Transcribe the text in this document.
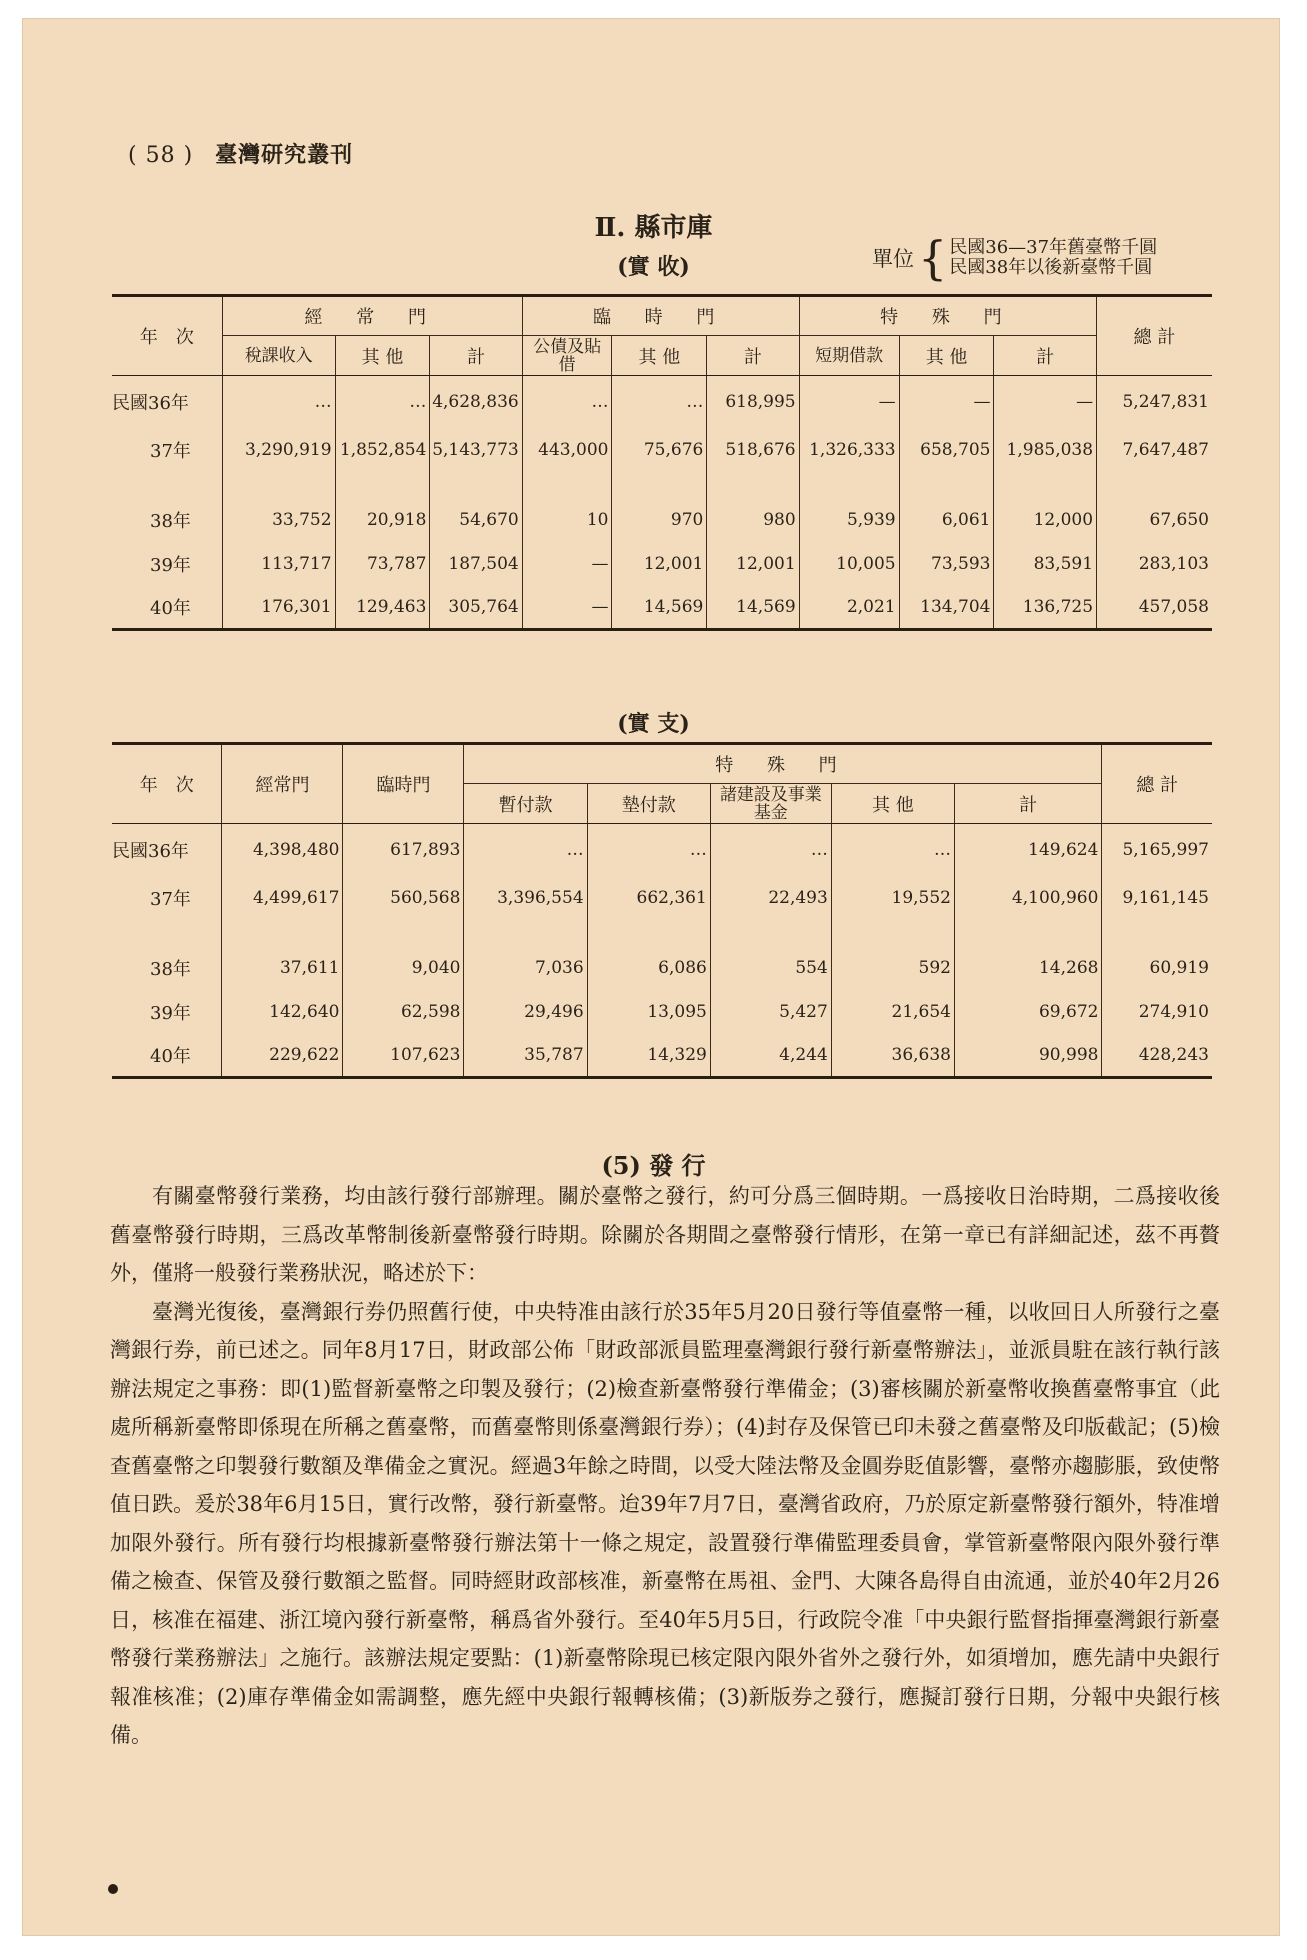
( 58 ) 臺灣研究叢刊
Ⅱ. 縣市庫
(實 收)	單位 { 民國36—37年舊臺幣千圓
民國38年以後新臺幣千圓
年　次	經 常 門			臨 時 門			特 殊 門			總 計
	稅課收入	其 他	計	公債及貼借	其 他	計	短期借款	其 他	計	
民國36年	…	…	4,628,836	…	…	618,995	—	—	—	5,247,831
37年	3,290,919	1,852,854	5,143,773	443,000	75,676	518,676	1,326,333	658,705	1,985,038	7,647,487

38年	33,752	20,918	54,670	10	970	980	5,939	6,061	12,000	67,650
39年	113,717	73,787	187,504	—	12,001	12,001	10,005	73,593	83,591	283,103
40年	176,301	129,463	305,764	—	14,569	14,569	2,021	134,704	136,725	457,058
(實 支)
年　次	經常門	臨時門	特 殊 門					總 計
			暫付款	墊付款	諸建設及事業基金	其 他	計	
民國36年	4,398,480	617,893	…	…	…	…	149,624	5,165,997
37年	4,499,617	560,568	3,396,554	662,361	22,493	19,552	4,100,960	9,161,145

38年	37,611	9,040	7,036	6,086	554	592	14,268	60,919
39年	142,640	62,598	29,496	13,095	5,427	21,654	69,672	274,910
40年	229,622	107,623	35,787	14,329	4,244	36,638	90,998	428,243
(5) 發 行

有關臺幣發行業務，均由該行發行部辦理。關於臺幣之發行，約可分爲三個時期。一爲接收日治時期，二爲接收後舊臺幣發行時期，三爲改革幣制後新臺幣發行時期。除關於各期間之臺幣發行情形，在第一章已有詳細記述，茲不再贅外，僅將一般發行業務狀況，略述於下：

臺灣光復後，臺灣銀行券仍照舊行使，中央特准由該行於35年5月20日發行等值臺幣一種，以收回日人所發行之臺灣銀行券，前已述之。同年8月17日，財政部公佈「財政部派員監理臺灣銀行發行新臺幣辦法」，並派員駐在該行執行該辦法規定之事務：即(1)監督新臺幣之印製及發行；(2)檢查新臺幣發行準備金；(3)審核關於新臺幣收換舊臺幣事宜（此處所稱新臺幣即係現在所稱之舊臺幣，而舊臺幣則係臺灣銀行券）；(4)封存及保管已印未發之舊臺幣及印版截記；(5)檢查舊臺幣之印製發行數額及準備金之實況。經過3年餘之時間，以受大陸法幣及金圓券貶值影響，臺幣亦趨膨脹，致使幣值日跌。爰於38年6月15日，實行改幣，發行新臺幣。迨39年7月7日，臺灣省政府，乃於原定新臺幣發行額外，特准增加限外發行。所有發行均根據新臺幣發行辦法第十一條之規定，設置發行準備監理委員會，掌管新臺幣限內限外發行準備之檢查、保管及發行數額之監督。同時經財政部核准，新臺幣在馬祖、金門、大陳各島得自由流通，並於40年2月26日，核准在福建、浙江境內發行新臺幣，稱爲省外發行。至40年5月5日，行政院令准「中央銀行監督指揮臺灣銀行新臺幣發行業務辦法」之施行。該辦法規定要點：(1)新臺幣除現已核定限內限外省外之發行外，如須增加，應先請中央銀行報准核准；(2)庫存準備金如需調整，應先經中央銀行報轉核備；(3)新版券之發行，應擬訂發行日期，分報中央銀行核備。
